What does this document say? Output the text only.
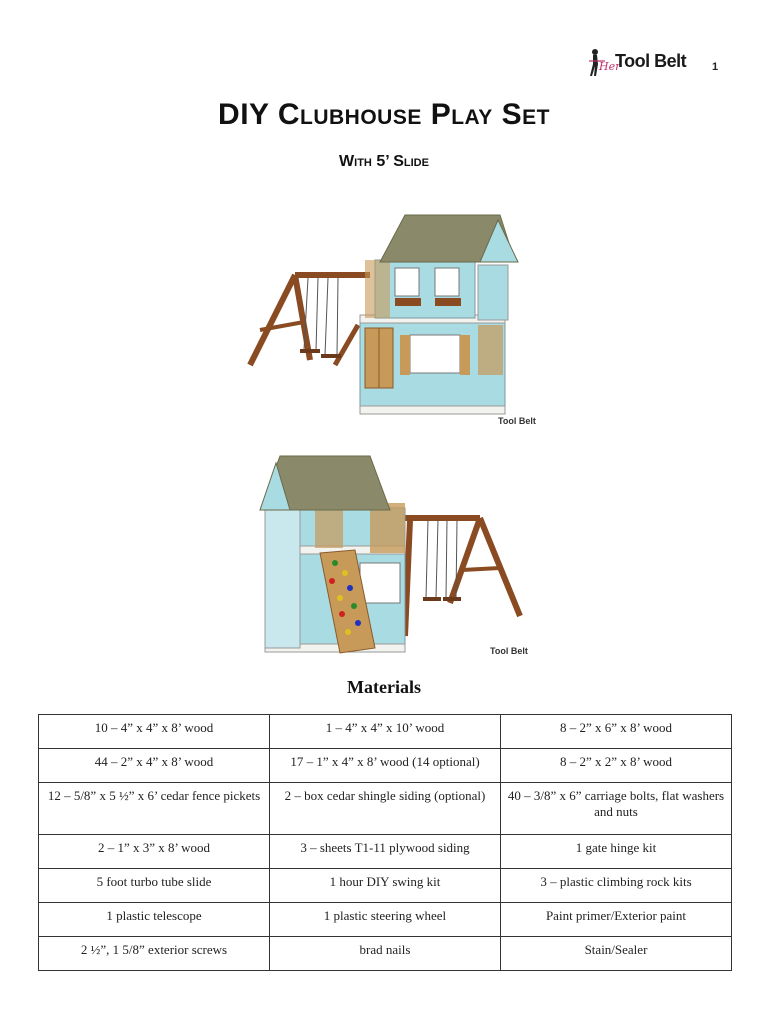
Her
Tool Belt 1
DIY Clubhouse Play Set
With 5’ Slide
Tool Belt
Tool Belt
Materials
10 – 4” x 4” x 8’ wood	1 – 4” x 4” x 10’ wood	8 – 2” x 6” x 8’ wood
44 – 2” x 4” x 8’ wood	17 – 1” x 4” x 8’ wood (14 optional)	8 – 2” x 2” x 8’ wood
12 – 5/8” x 5 ½” x 6’ cedar fence pickets	2 – box cedar shingle siding (optional)	40 – 3/8” x 6” carriage bolts, flat washers and nuts
2 – 1” x 3” x 8’ wood	3 – sheets T1-11 plywood siding	1 gate hinge kit
5 foot turbo tube slide	1 hour DIY swing kit	3 – plastic climbing rock kits
1 plastic telescope	1 plastic steering wheel	Paint primer/Exterior paint
2 ½”, 1 5/8” exterior screws	brad nails	Stain/Sealer
